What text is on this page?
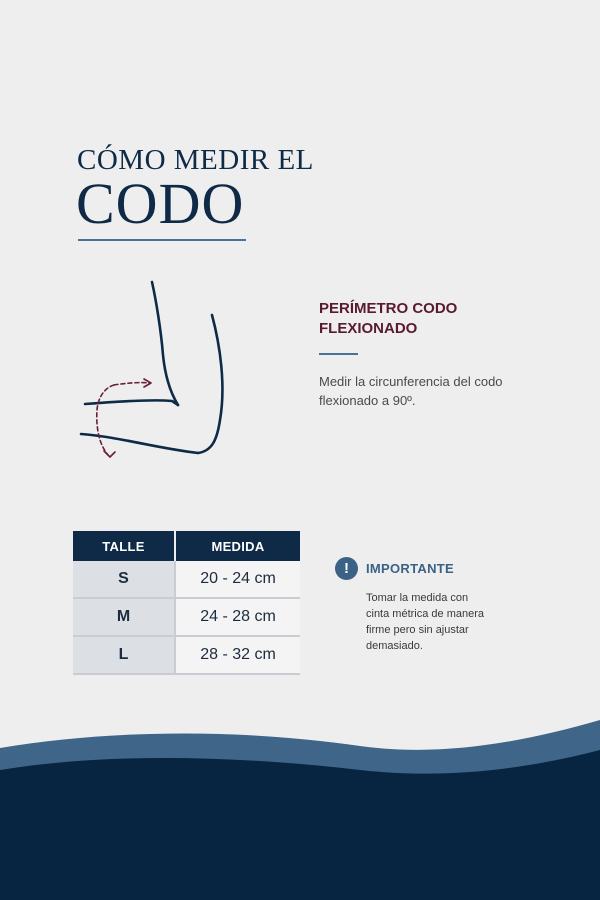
CÓMO MEDIR EL
CODO
PERÍMETRO CODO
FLEXIONADO
Medir la circunferencia del codo
flexionado a 90º.
TALLE	MEDIDA
S	20 - 24 cm
M	24 - 28 cm
L	28 - 32 cm
!	IMPORTANTE
Tomar la medida con
cinta métrica de manera
firme pero sin ajustar
demasiado.
